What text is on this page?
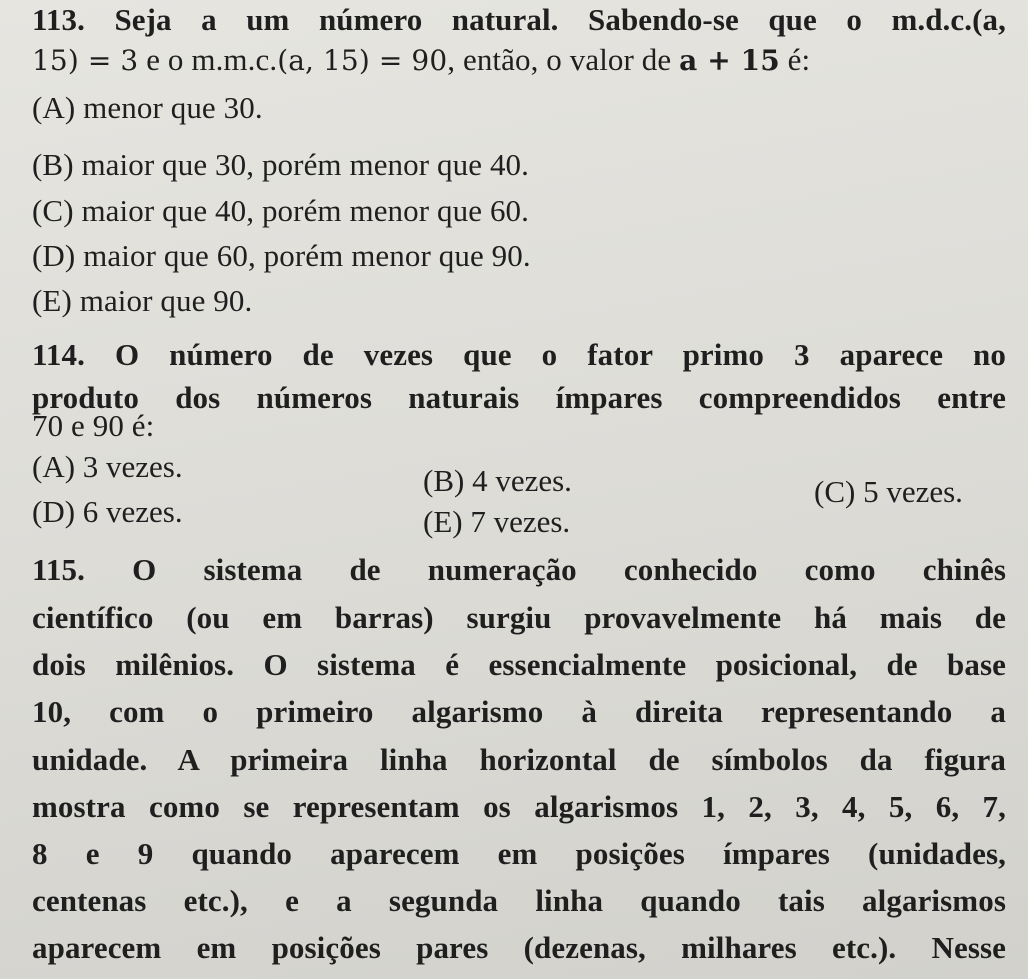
113. Seja a um número natural. Sabendo-se que o m.d.c.(a,
15) = 3 e o m.m.c.(a, 15) = 90, então, o valor de a + 15 é:
(A) menor que 30.
(B) maior que 30, porém menor que 40.
(C) maior que 40, porém menor que 60.
(D) maior que 60, porém menor que 90.
(E) maior que 90.
114. O número de vezes que o fator primo 3 aparece no
produto dos números naturais ímpares compreendidos entre
70 e 90 é:
(A) 3 vezes.	(B) 4 vezes.	(C) 5 vezes.
(D) 6 vezes.	(E) 7 vezes.
115. O sistema de numeração conhecido como chinês
científico (ou em barras) surgiu provavelmente há mais de
dois milênios. O sistema é essencialmente posicional, de base
10, com o primeiro algarismo à direita representando a
unidade. A primeira linha horizontal de símbolos da figura
mostra como se representam os algarismos 1, 2, 3, 4, 5, 6, 7,
8 e 9 quando aparecem em posições ímpares (unidades,
centenas etc.), e a segunda linha quando tais algarismos
aparecem em posições pares (dezenas, milhares etc.). Nesse
